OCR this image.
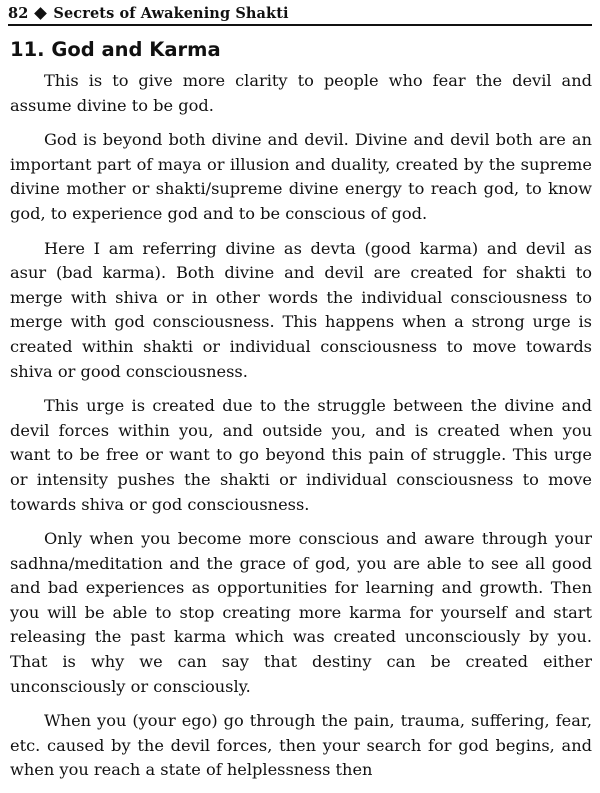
82 Secrets of Awakening Shakti
11. God and Karma

This is to give more clarity to people who fear the devil and assume divine to be god.

God is beyond both divine and devil. Divine and devil both are an important part of maya or illusion and duality, created by the supreme divine mother or shakti/supreme divine energy to reach god, to know god, to experience god and to be conscious of god.

Here I am referring divine as devta (good karma) and devil as asur (bad karma). Both divine and devil are created for shakti to merge with shiva or in other words the individual consciousness to merge with god consciousness. This happens when a strong urge is created within shakti or individual consciousness to move towards shiva or good consciousness.

This urge is created due to the struggle between the divine and devil forces within you, and outside you, and is created when you want to be free or want to go beyond this pain of struggle. This urge or intensity pushes the shakti or individual consciousness to move towards shiva or god consciousness.

Only when you become more conscious and aware through your sadhna/meditation and the grace of god, you are able to see all good and bad experiences as opportunities for learning and growth. Then you will be able to stop creating more karma for yourself and start releasing the past karma which was created unconsciously by you. That is why we can say that destiny can be created either unconsciously or consciously.

When you (your ego) go through the pain, trauma, suffering, fear, etc. caused by the devil forces, then your search for god begins, and when you reach a state of helplessness then
